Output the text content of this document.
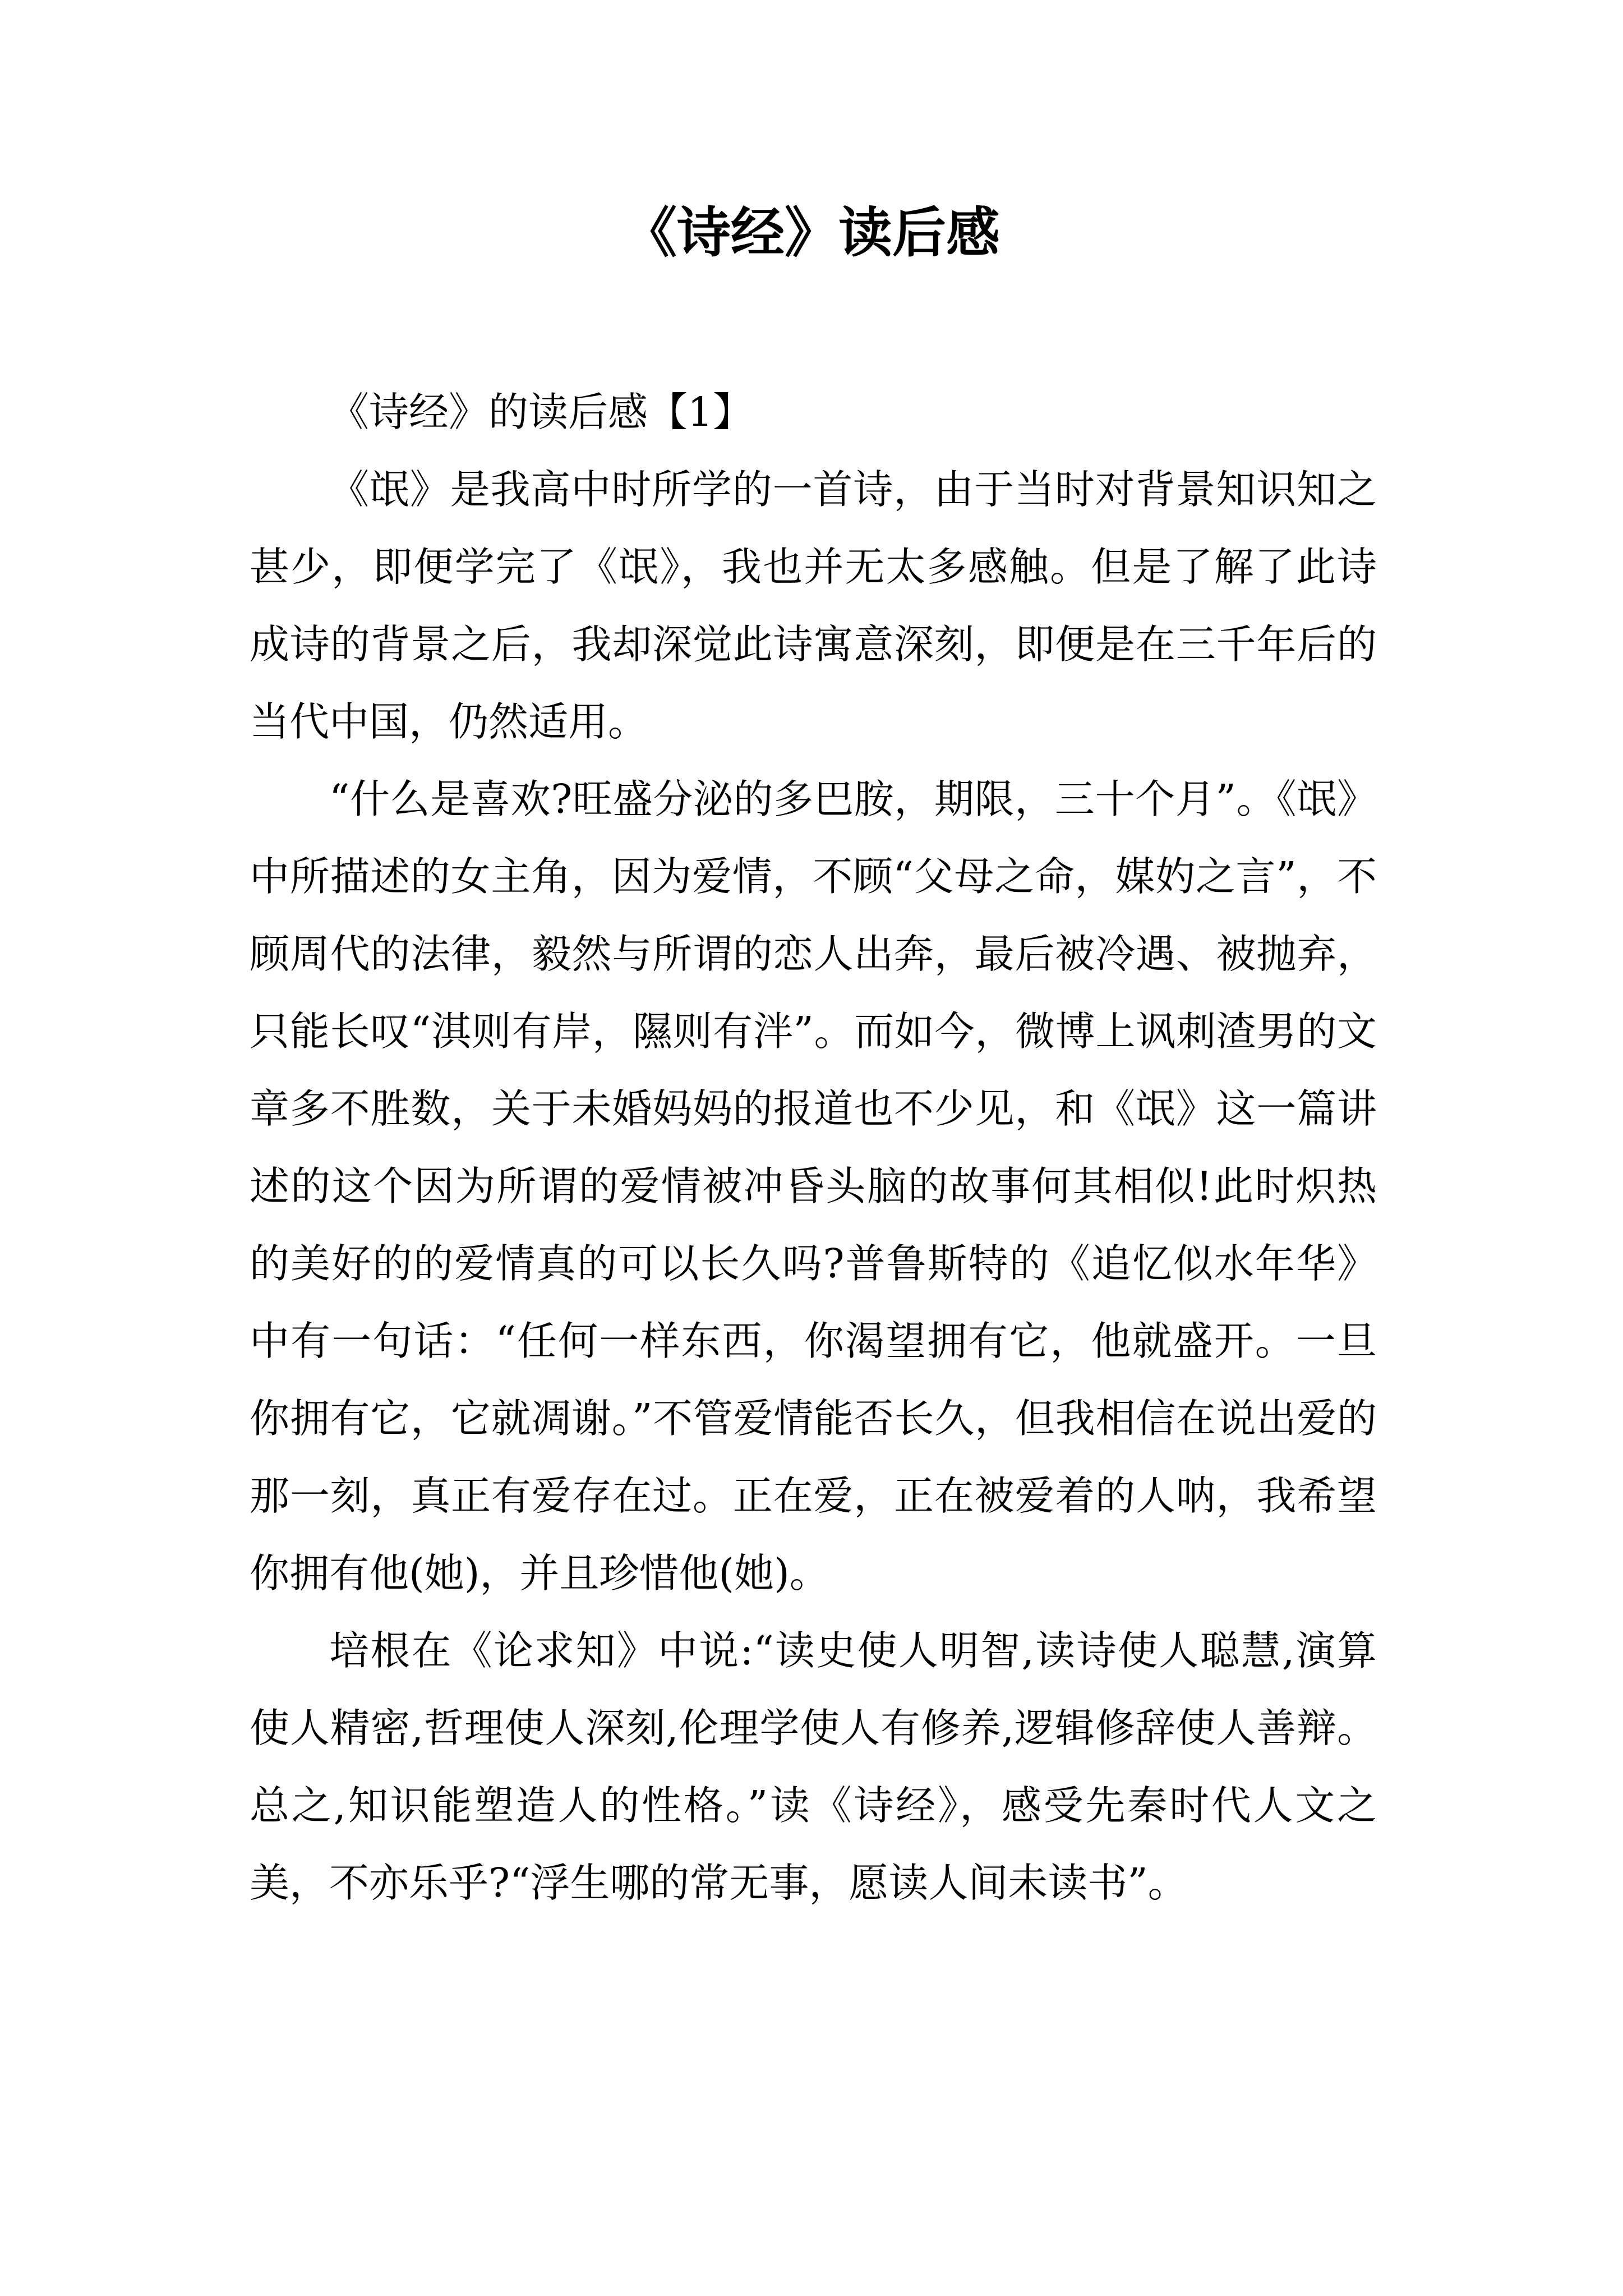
《诗经》读后感
《诗经》的读后感【1】

《氓》是我高中时所学的一首诗，由于当时对背景知识知之甚少，即便学完了《氓》，我也并无太多感触。但是了解了此诗成诗的背景之后，我却深觉此诗寓意深刻，即便是在三千年后的当代中国，仍然适用。

“什么是喜欢?旺盛分泌的多巴胺，期限，三十个月”。《氓》中所描述的女主角，因为爱情，不顾“父母之命，媒妁之言”，不顾周代的法律，毅然与所谓的恋人出奔，最后被冷遇、被抛弃，只能长叹“淇则有岸，隰则有泮”。而如今，微博上讽刺渣男的文章多不胜数，关于未婚妈妈的报道也不少见，和《氓》这一篇讲述的这个因为所谓的爱情被冲昏头脑的故事何其相似!此时炽热的美好的的爱情真的可以长久吗?普鲁斯特的《追忆似水年华》中有一句话：“任何一样东西，你渴望拥有它，他就盛开。一旦你拥有它，它就凋谢。”不管爱情能否长久，但我相信在说出爱的那一刻，真正有爱存在过。正在爱，正在被爱着的人呐，我希望你拥有他(她)，并且珍惜他(她)。

培根在《论求知》中说:“读史使人明智,读诗使人聪慧,演算使人精密,哲理使人深刻,伦理学使人有修养,逻辑修辞使人善辩。总之,知识能塑造人的性格。”读《诗经》，感受先秦时代人文之美，不亦乐乎?“浮生哪的常无事，愿读人间未读书”。
